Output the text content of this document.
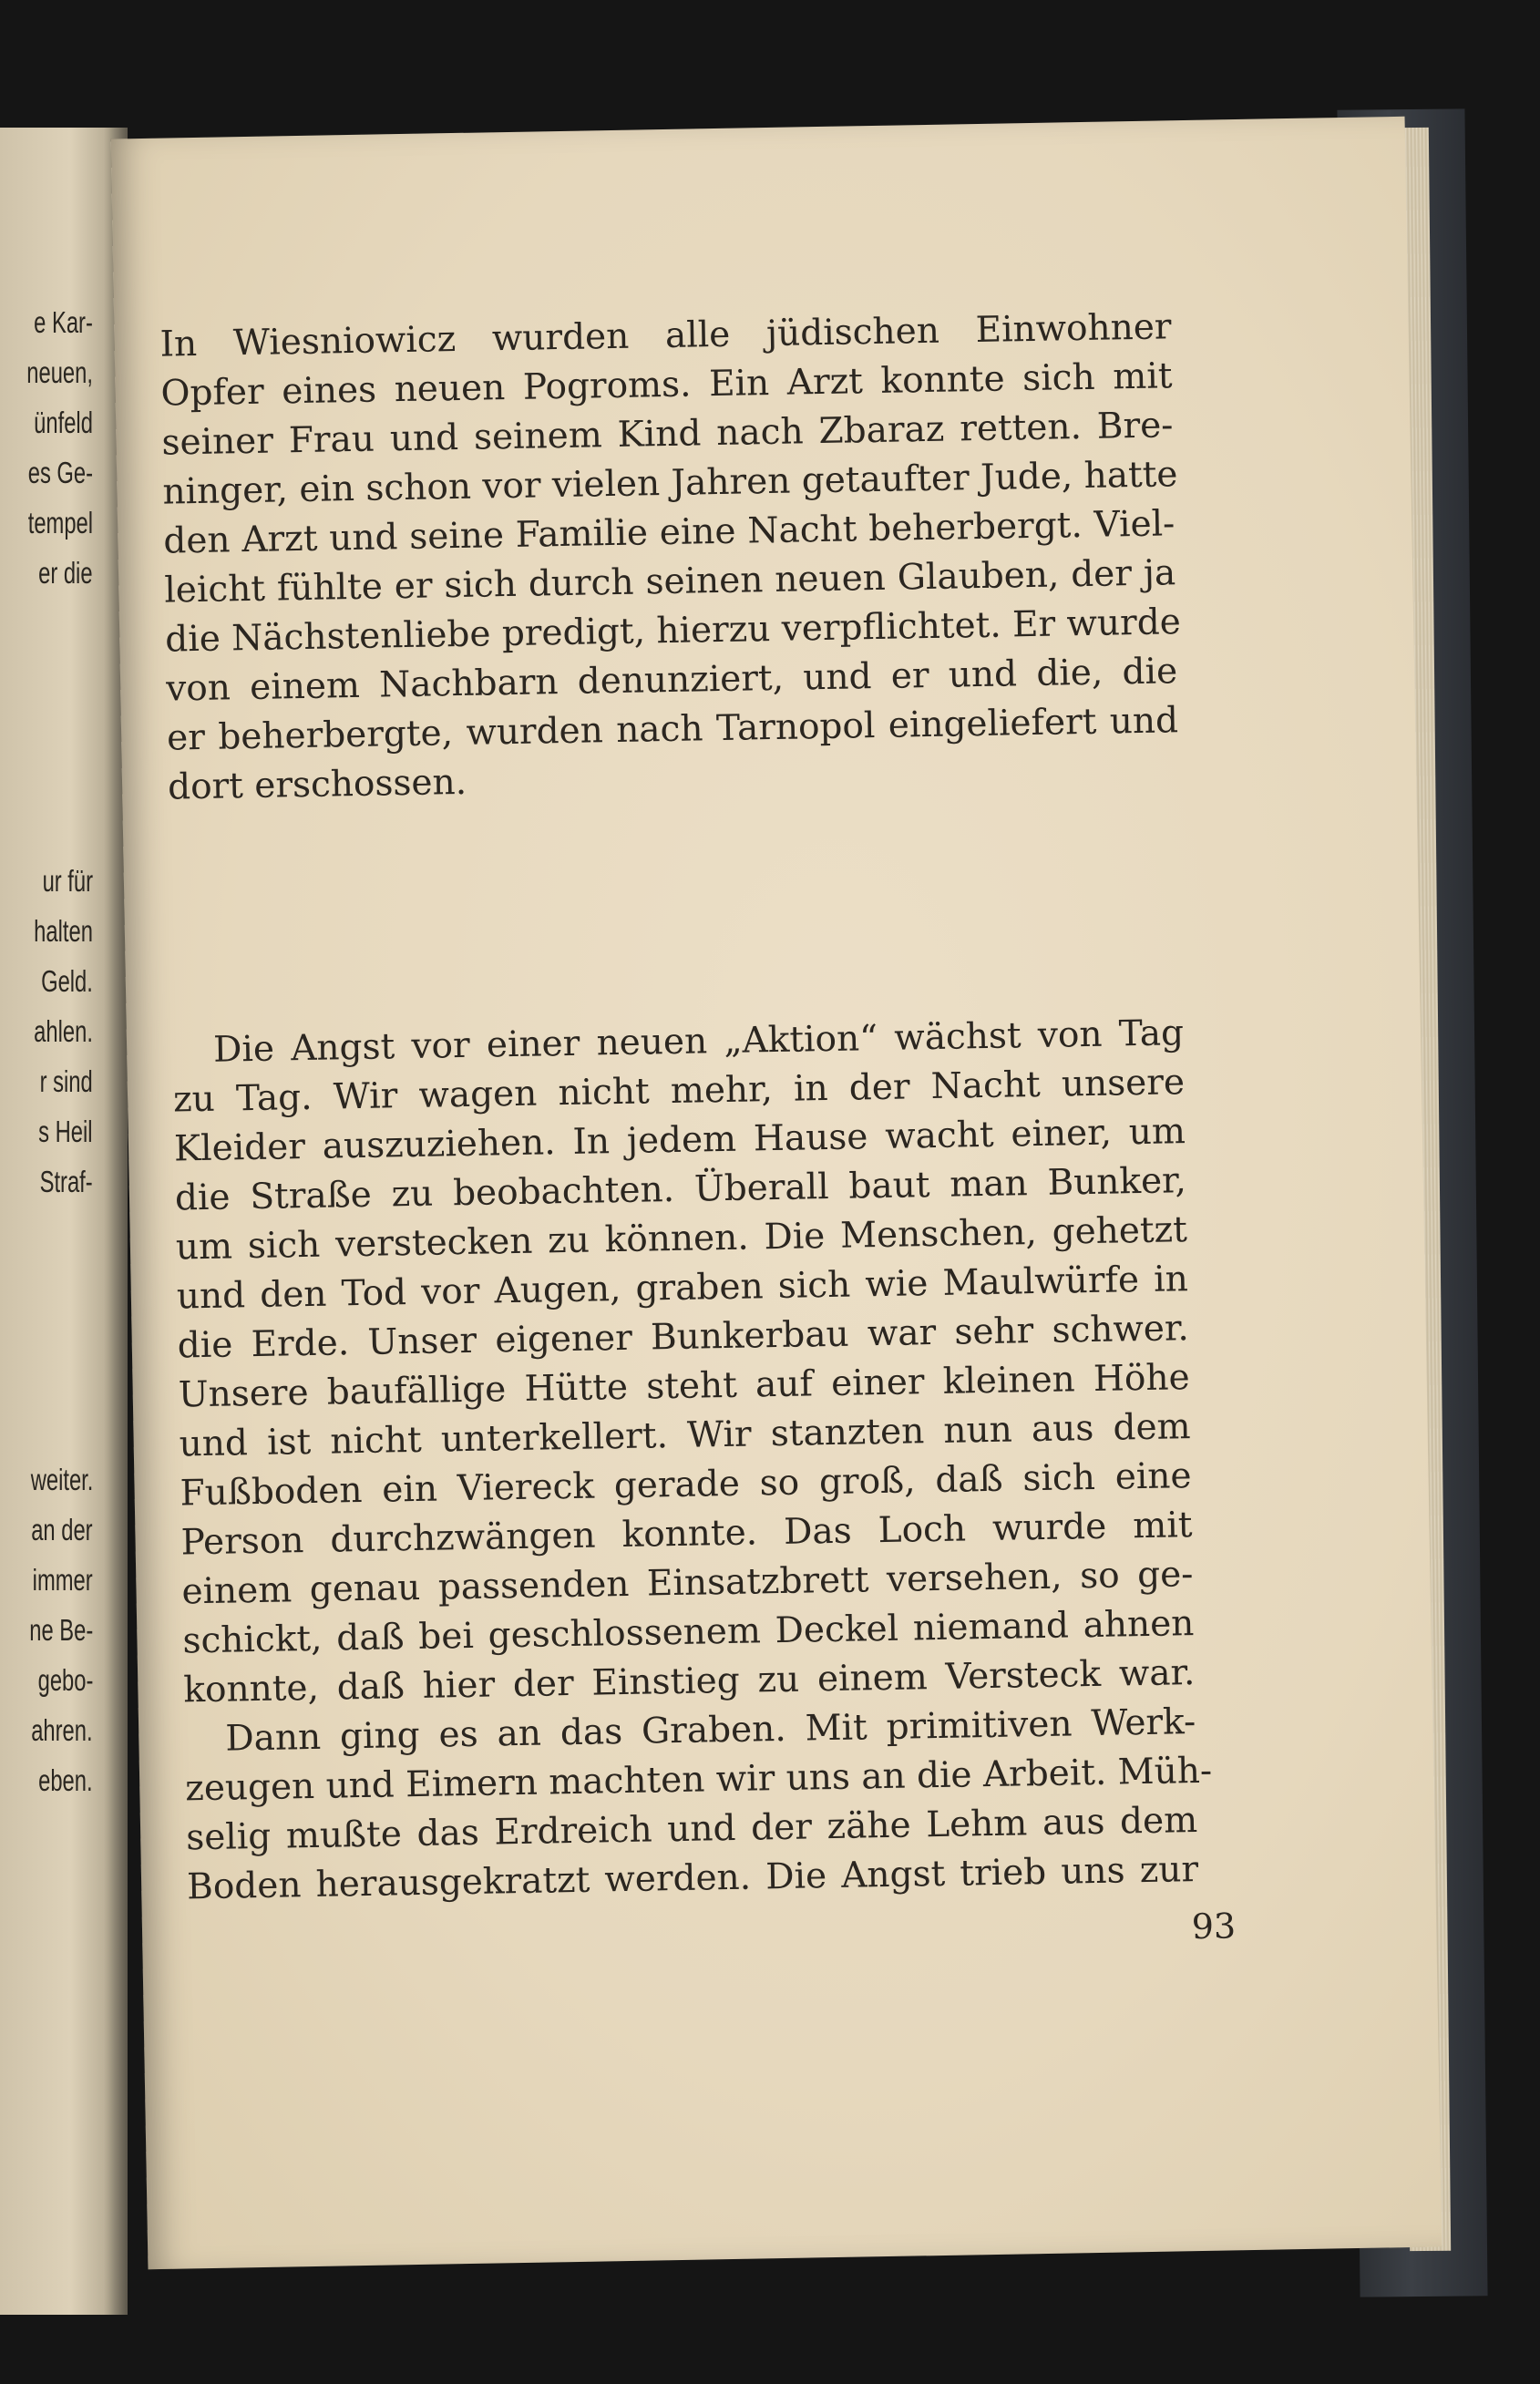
e Kar-

neuen,

ünfeld

es Ge-

tempel

er die

ur für

halten

Geld.

ahlen.

r sind

s Heil

Straf-

weiter.

an der

immer

ne Be-

gebo-

ahren.

eben.

In Wiesniowicz wurden alle jüdischen Einwohner

Opfer eines neuen Pogroms. Ein Arzt konnte sich mit

seiner Frau und seinem Kind nach Zbaraz retten. Bre-

ninger, ein schon vor vielen Jahren getaufter Jude, hatte

den Arzt und seine Familie eine Nacht beherbergt. Viel-

leicht fühlte er sich durch seinen neuen Glauben, der ja

die Nächstenliebe predigt, hierzu verpflichtet. Er wurde

von einem Nachbarn denunziert, und er und die, die

er beherbergte, wurden nach Tarnopol eingeliefert und

dort erschossen.

Die Angst vor einer neuen „Aktion“ wächst von Tag

zu Tag. Wir wagen nicht mehr, in der Nacht unsere

Kleider auszuziehen. In jedem Hause wacht einer, um

die Straße zu beobachten. Überall baut man Bunker,

um sich verstecken zu können. Die Menschen, gehetzt

und den Tod vor Augen, graben sich wie Maulwürfe in

die Erde. Unser eigener Bunkerbau war sehr schwer.

Unsere baufällige Hütte steht auf einer kleinen Höhe

und ist nicht unterkellert. Wir stanzten nun aus dem

Fußboden ein Viereck gerade so groß, daß sich eine

Person durchzwängen konnte. Das Loch wurde mit

einem genau passenden Einsatzbrett versehen, so ge-

schickt, daß bei geschlossenem Deckel niemand ahnen

konnte, daß hier der Einstieg zu einem Versteck war.

Dann ging es an das Graben. Mit primitiven Werk-

zeugen und Eimern machten wir uns an die Arbeit. Müh-

selig mußte das Erdreich und der zähe Lehm aus dem

Boden herausgekratzt werden. Die Angst trieb uns zur

93
